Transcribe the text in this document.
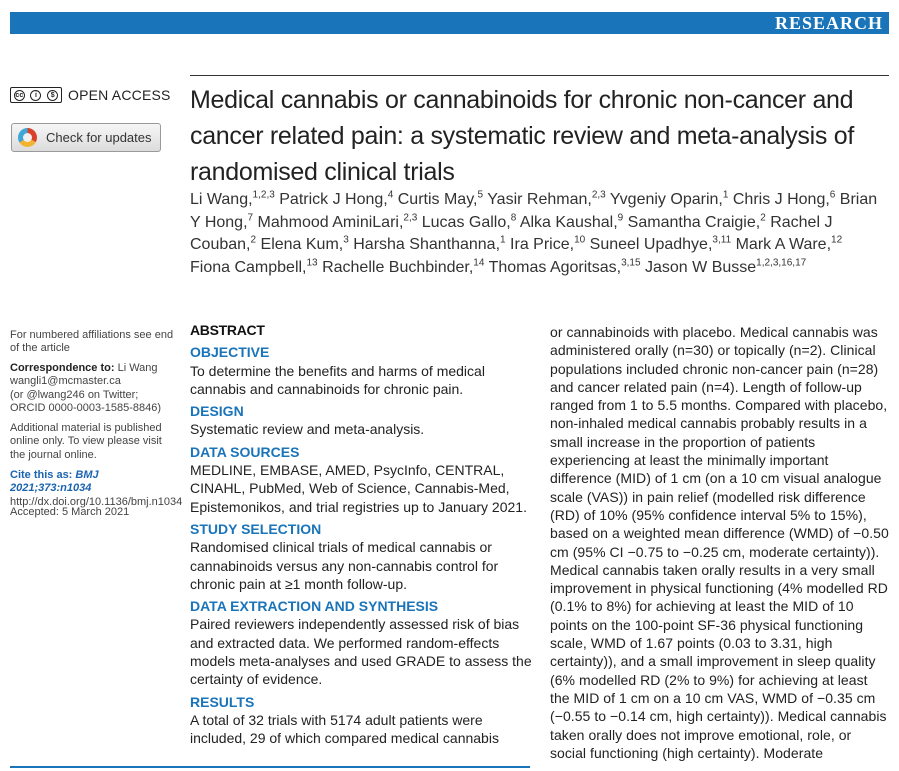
RESEARCH
cc	i	$ OPEN ACCESS
Check for updates
For numbered affiliations see end of the article
Correspondence to: Li Wang
wangli1@mcmaster.ca
(or @lwang246 on Twitter;
ORCID 0000-0003-1585-8846)
Additional material is published online only. To view please visit the journal online.
Cite this as: BMJ 2021;373:n1034
http://dx.doi.org/10.1136/bmj.n1034
Accepted: 5 March 2021
Medical cannabis or cannabinoids for chronic non-cancer and cancer related pain: a systematic review and meta-analysis of randomised clinical trials
Li Wang,$^{1,2,3}$ Patrick J Hong,$^4$ Curtis May,$^5$ Yasir Rehman,$^{2,3}$ Yvgeniy Oparin,$^1$ Chris J Hong,$^6$ Brian Y Hong,$^7$ Mahmood AminiLari,$^{2,3}$ Lucas Gallo,$^8$ Alka Kaushal,$^9$ Samantha Craigie,$^2$ Rachel J Couban,$^2$ Elena Kum,$^3$ Harsha Shanthanna,$^1$ Ira Price,$^{10}$ Suneel Upadhye,$^{3,11}$ Mark A Ware,$^{12}$ Fiona Campbell,$^{13}$ Rachelle Buchbinder,$^{14}$ Thomas Agoritsas,$^{3,15}$ Jason W Busse$^{1,2,3,16,17}$
ABSTRACT
OBJECTIVE

To determine the benefits and harms of medical cannabis and cannabinoids for chronic pain.

DESIGN

Systematic review and meta-analysis.

DATA SOURCES

MEDLINE, EMBASE, AMED, PsycInfo, CENTRAL, CINAHL, PubMed, Web of Science, Cannabis-Med, Epistemonikos, and trial registries up to January 2021.

STUDY SELECTION

Randomised clinical trials of medical cannabis or cannabinoids versus any non-cannabis control for chronic pain at ≥1 month follow-up.

DATA EXTRACTION AND SYNTHESIS

Paired reviewers independently assessed risk of bias and extracted data. We performed random-effects models meta-analyses and used GRADE to assess the certainty of evidence.

RESULTS

A total of 32 trials with 5174 adult patients were included, 29 of which compared medical cannabis

or cannabinoids with placebo. Medical cannabis was administered orally (n=30) or topically (n=2). Clinical populations included chronic non-cancer pain (n=28) and cancer related pain (n=4). Length of follow-up ranged from 1 to 5.5 months. Compared with placebo, non-inhaled medical cannabis probably results in a small increase in the proportion of patients experiencing at least the minimally important difference (MID) of 1 cm (on a 10 cm visual analogue scale (VAS)) in pain relief (modelled risk difference (RD) of 10% (95% confidence interval 5% to 15%), based on a weighted mean difference (WMD) of −0.50 cm (95% CI −0.75 to −0.25 cm, moderate certainty)). Medical cannabis taken orally results in a very small improvement in physical functioning (4% modelled RD (0.1% to 8%) for achieving at least the MID of 10 points on the 100-point SF-36 physical functioning scale, WMD of 1.67 points (0.03 to 3.31, high certainty)), and a small improvement in sleep quality (6% modelled RD (2% to 9%) for achieving at least the MID of 1 cm on a 10 cm VAS, WMD of −0.35 cm (−0.55 to −0.14 cm, high certainty)). Medical cannabis taken orally does not improve emotional, role, or social functioning (high certainty). Moderate
